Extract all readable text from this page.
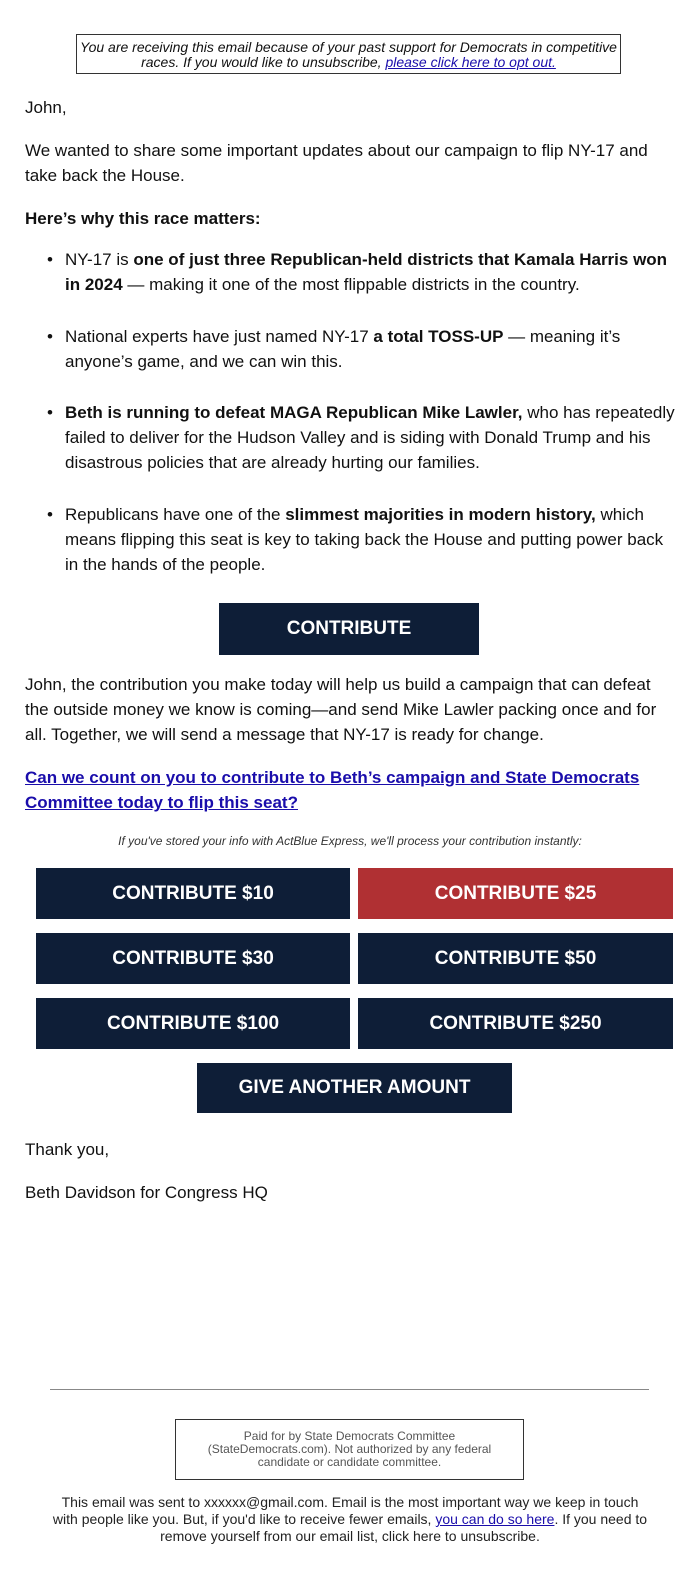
You are receiving this email because of your past support for Democrats in competitive races. If you would like to unsubscribe, please click here to opt out.
John,
We wanted to share some important updates about our campaign to flip NY-17 and take back the House.
Here’s why this race matters:
• NY-17 is one of just three Republican-held districts that Kamala Harris won in 2024 — making it one of the most flippable districts in the country.
• National experts have just named NY-17 a total TOSS-UP — meaning it’s anyone’s game, and we can win this.
• Beth is running to defeat MAGA Republican Mike Lawler, who has repeatedly failed to deliver for the Hudson Valley and is siding with Donald Trump and his disastrous policies that are already hurting our families.
• Republicans have one of the slimmest majorities in modern history, which means flipping this seat is key to taking back the House and putting power back in the hands of the people.
CONTRIBUTE
John, the contribution you make today will help us build a campaign that can defeat the outside money we know is coming—and send Mike Lawler packing once and for all. Together, we will send a message that NY-17 is ready for change.
Can we count on you to contribute to Beth’s campaign and State Democrats Committee today to flip this seat?
If you've stored your info with ActBlue Express, we'll process your contribution instantly:
CONTRIBUTE $10	CONTRIBUTE $25
CONTRIBUTE $30	CONTRIBUTE $50
CONTRIBUTE $100	CONTRIBUTE $250
GIVE ANOTHER AMOUNT
Thank you,
Beth Davidson for Congress HQ
Paid for by State Democrats Committee (StateDemocrats.com). Not authorized by any federal candidate or candidate committee.
This email was sent to xxxxxx@gmail.com. Email is the most important way we keep in touch with people like you. But, if you'd like to receive fewer emails, you can do so here. If you need to remove yourself from our email list, click here to unsubscribe.
